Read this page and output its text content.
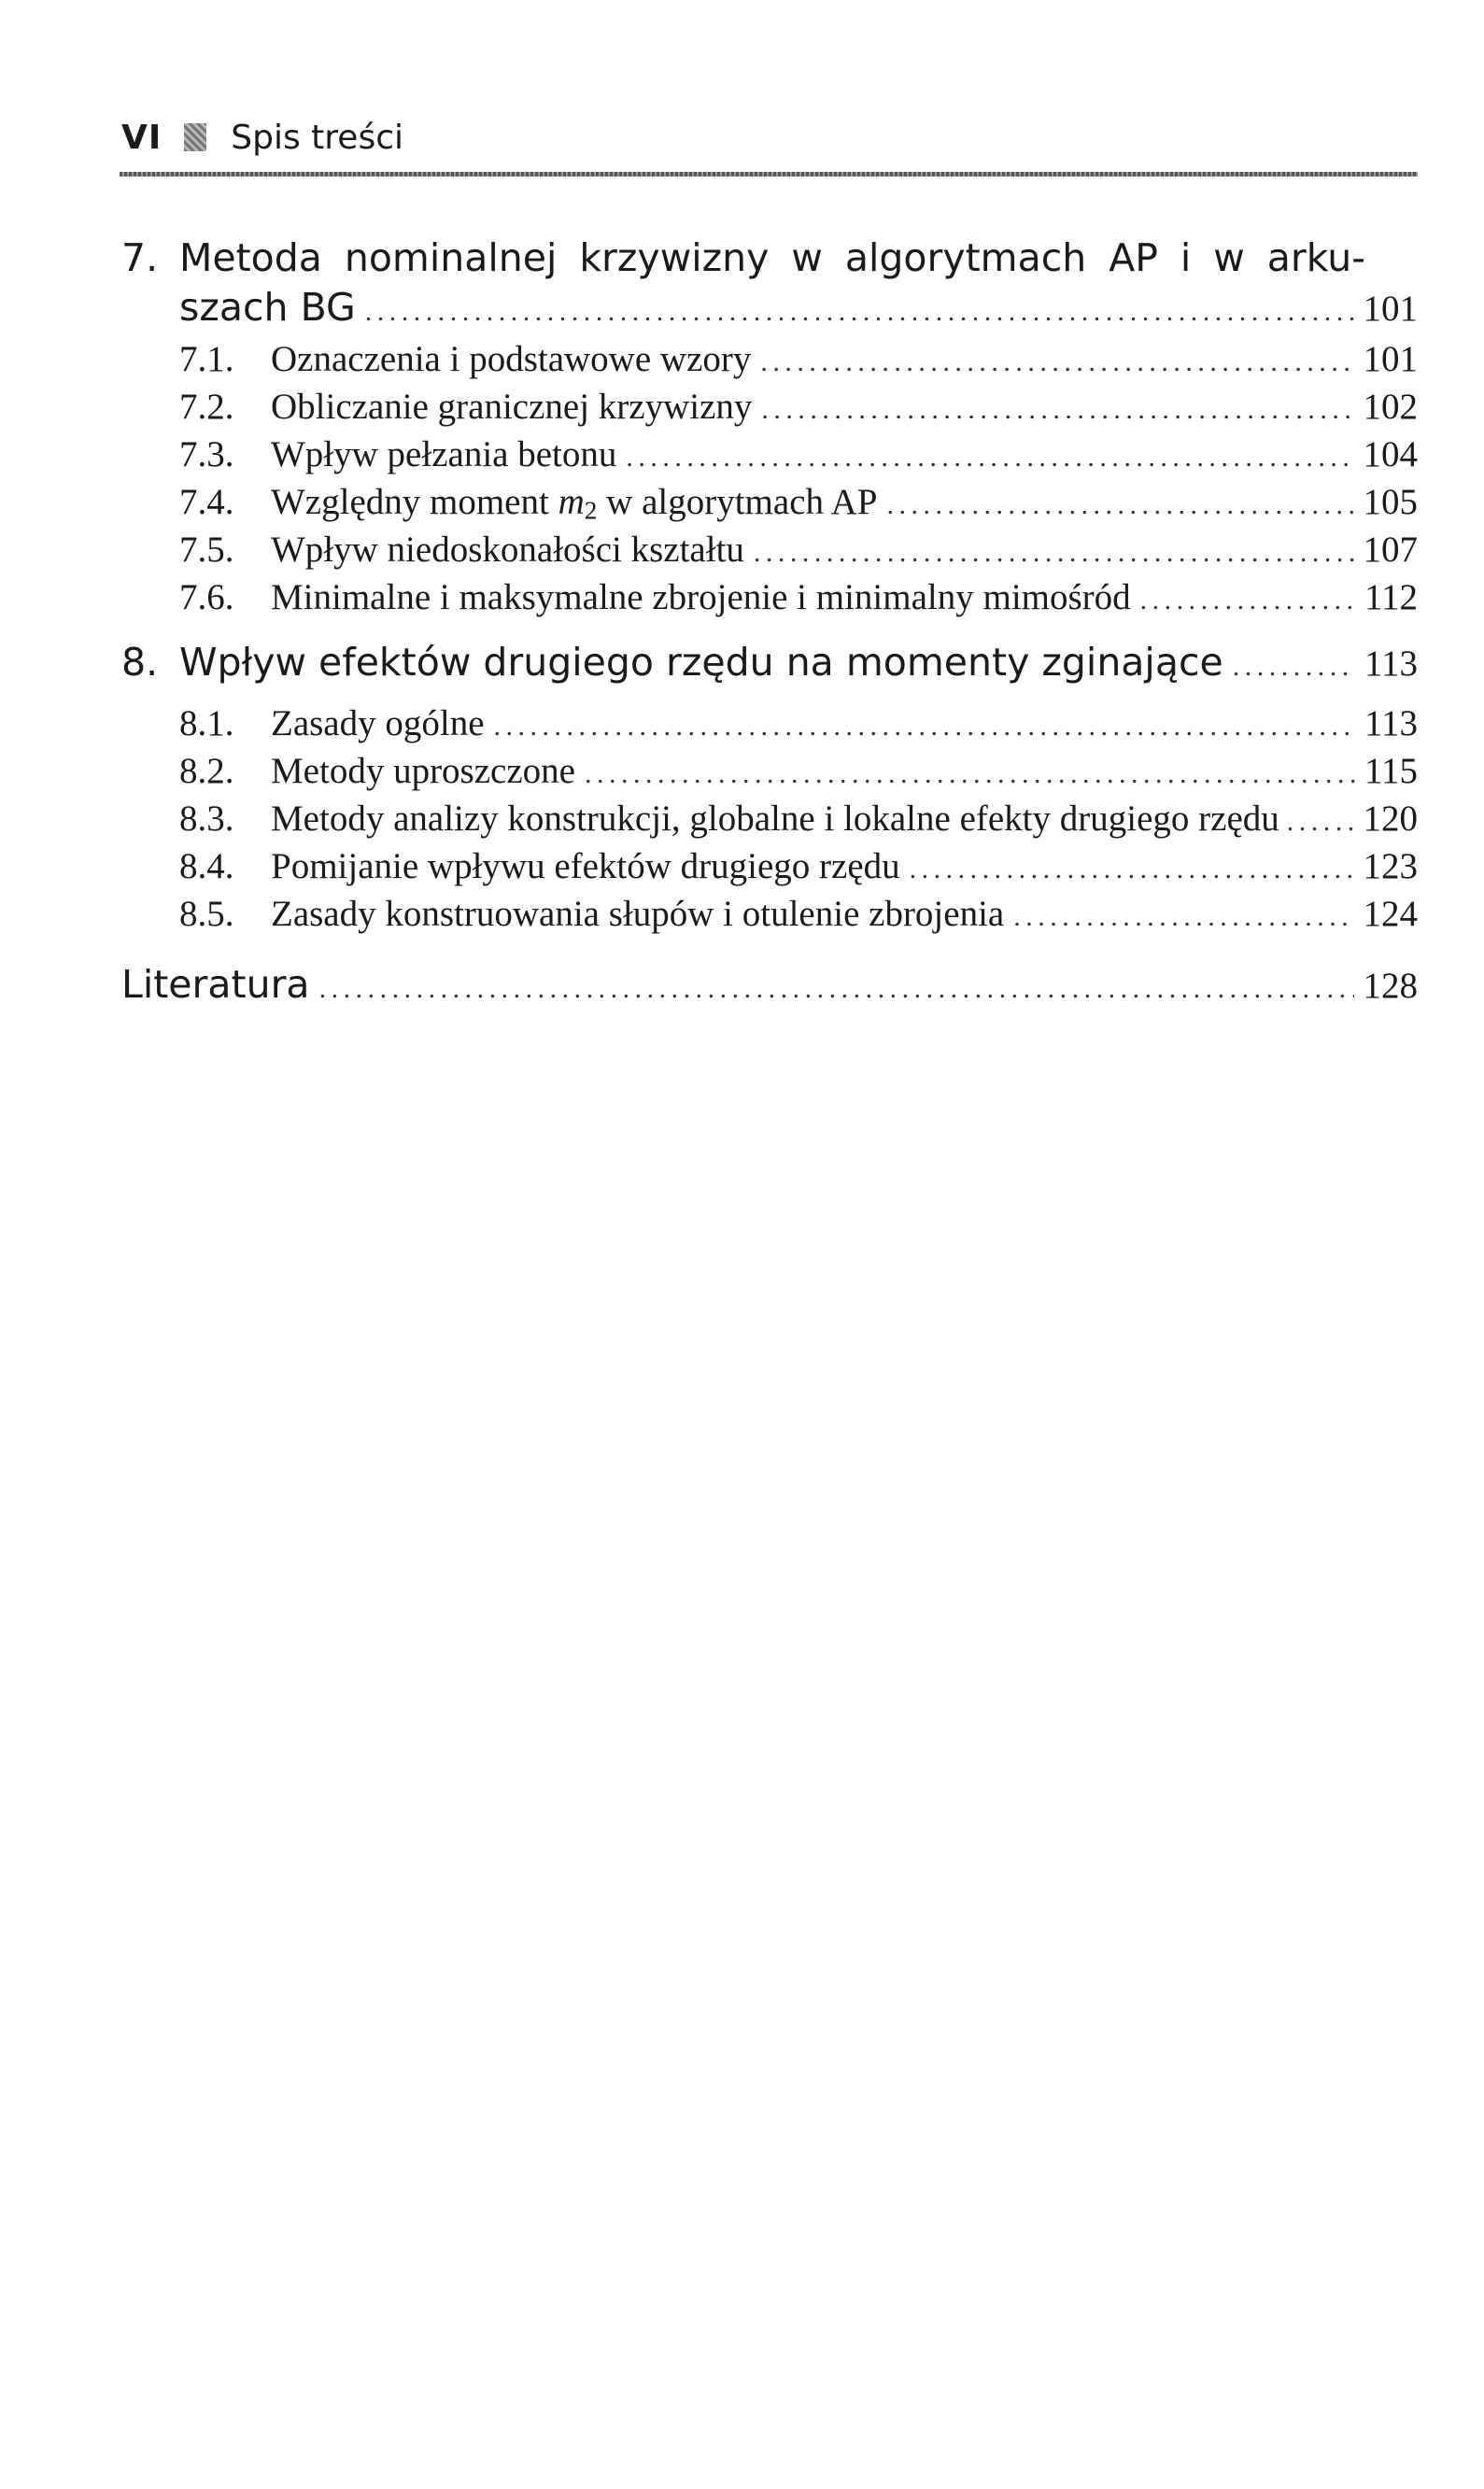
VI Spis treści
7. Metoda nominalnej krzywizny w algorytmach AP i w arku-
szach BG . . .	101
7.1.	Oznaczenia i podstawowe wzory . . .	101
7.2.	Obliczanie granicznej krzywizny . . .	102
7.3.	Wpływ pełzania betonu . . .	104
7.4.	Względny moment $m_2$ w algorytmach AP . . .	105
7.5.	Wpływ niedoskonałości kształtu . . .	107
7.6.	Minimalne i maksymalne zbrojenie i minimalny mimośród . . .	112
8. Wpływ efektów drugiego rzędu na momenty zginające . . .	113
8.1.	Zasady ogólne . . .	113
8.2.	Metody uproszczone . . .	115
8.3.	Metody analizy konstrukcji, globalne i lokalne efekty drugiego rzędu . . . 120
8.4.	Pomijanie wpływu efektów drugiego rzędu . . .	123
8.5.	Zasady konstruowania słupów i otulenie zbrojenia . . .	124
Literatura . . .	128
